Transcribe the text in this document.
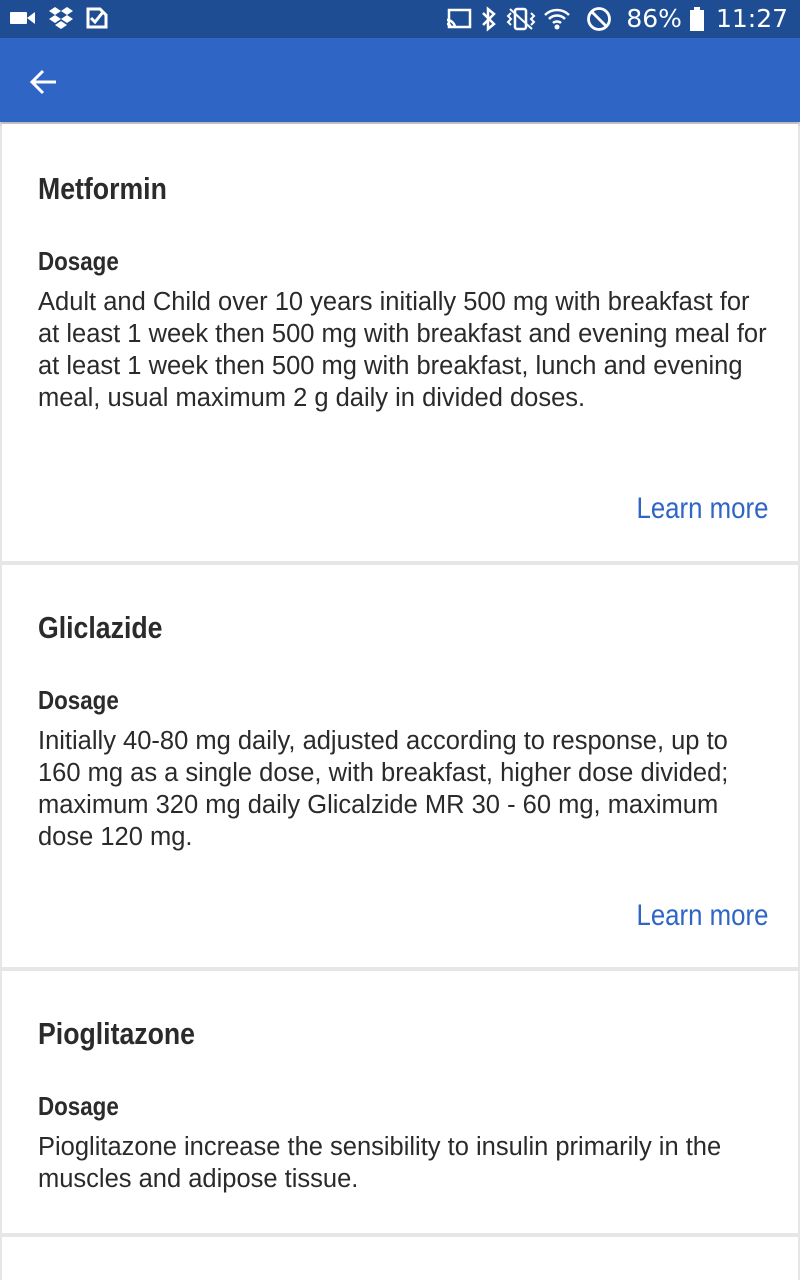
86% 11:27
Metformin
Dosage
Adult and Child over 10 years initially 500 mg with breakfast for at least 1 week then 500 mg with breakfast and evening meal for at least 1 week then 500 mg with breakfast, lunch and evening meal, usual maximum 2 g daily in divided doses.
Learn more
Gliclazide
Dosage
Initially 40-80 mg daily, adjusted according to response, up to 160 mg as a single dose, with breakfast, higher dose divided; maximum 320 mg daily Glicalzide MR 30 - 60 mg, maximum dose 120 mg.
Learn more
Pioglitazone
Dosage
Pioglitazone increase the sensibility to insulin primarily in the muscles and adipose tissue.
